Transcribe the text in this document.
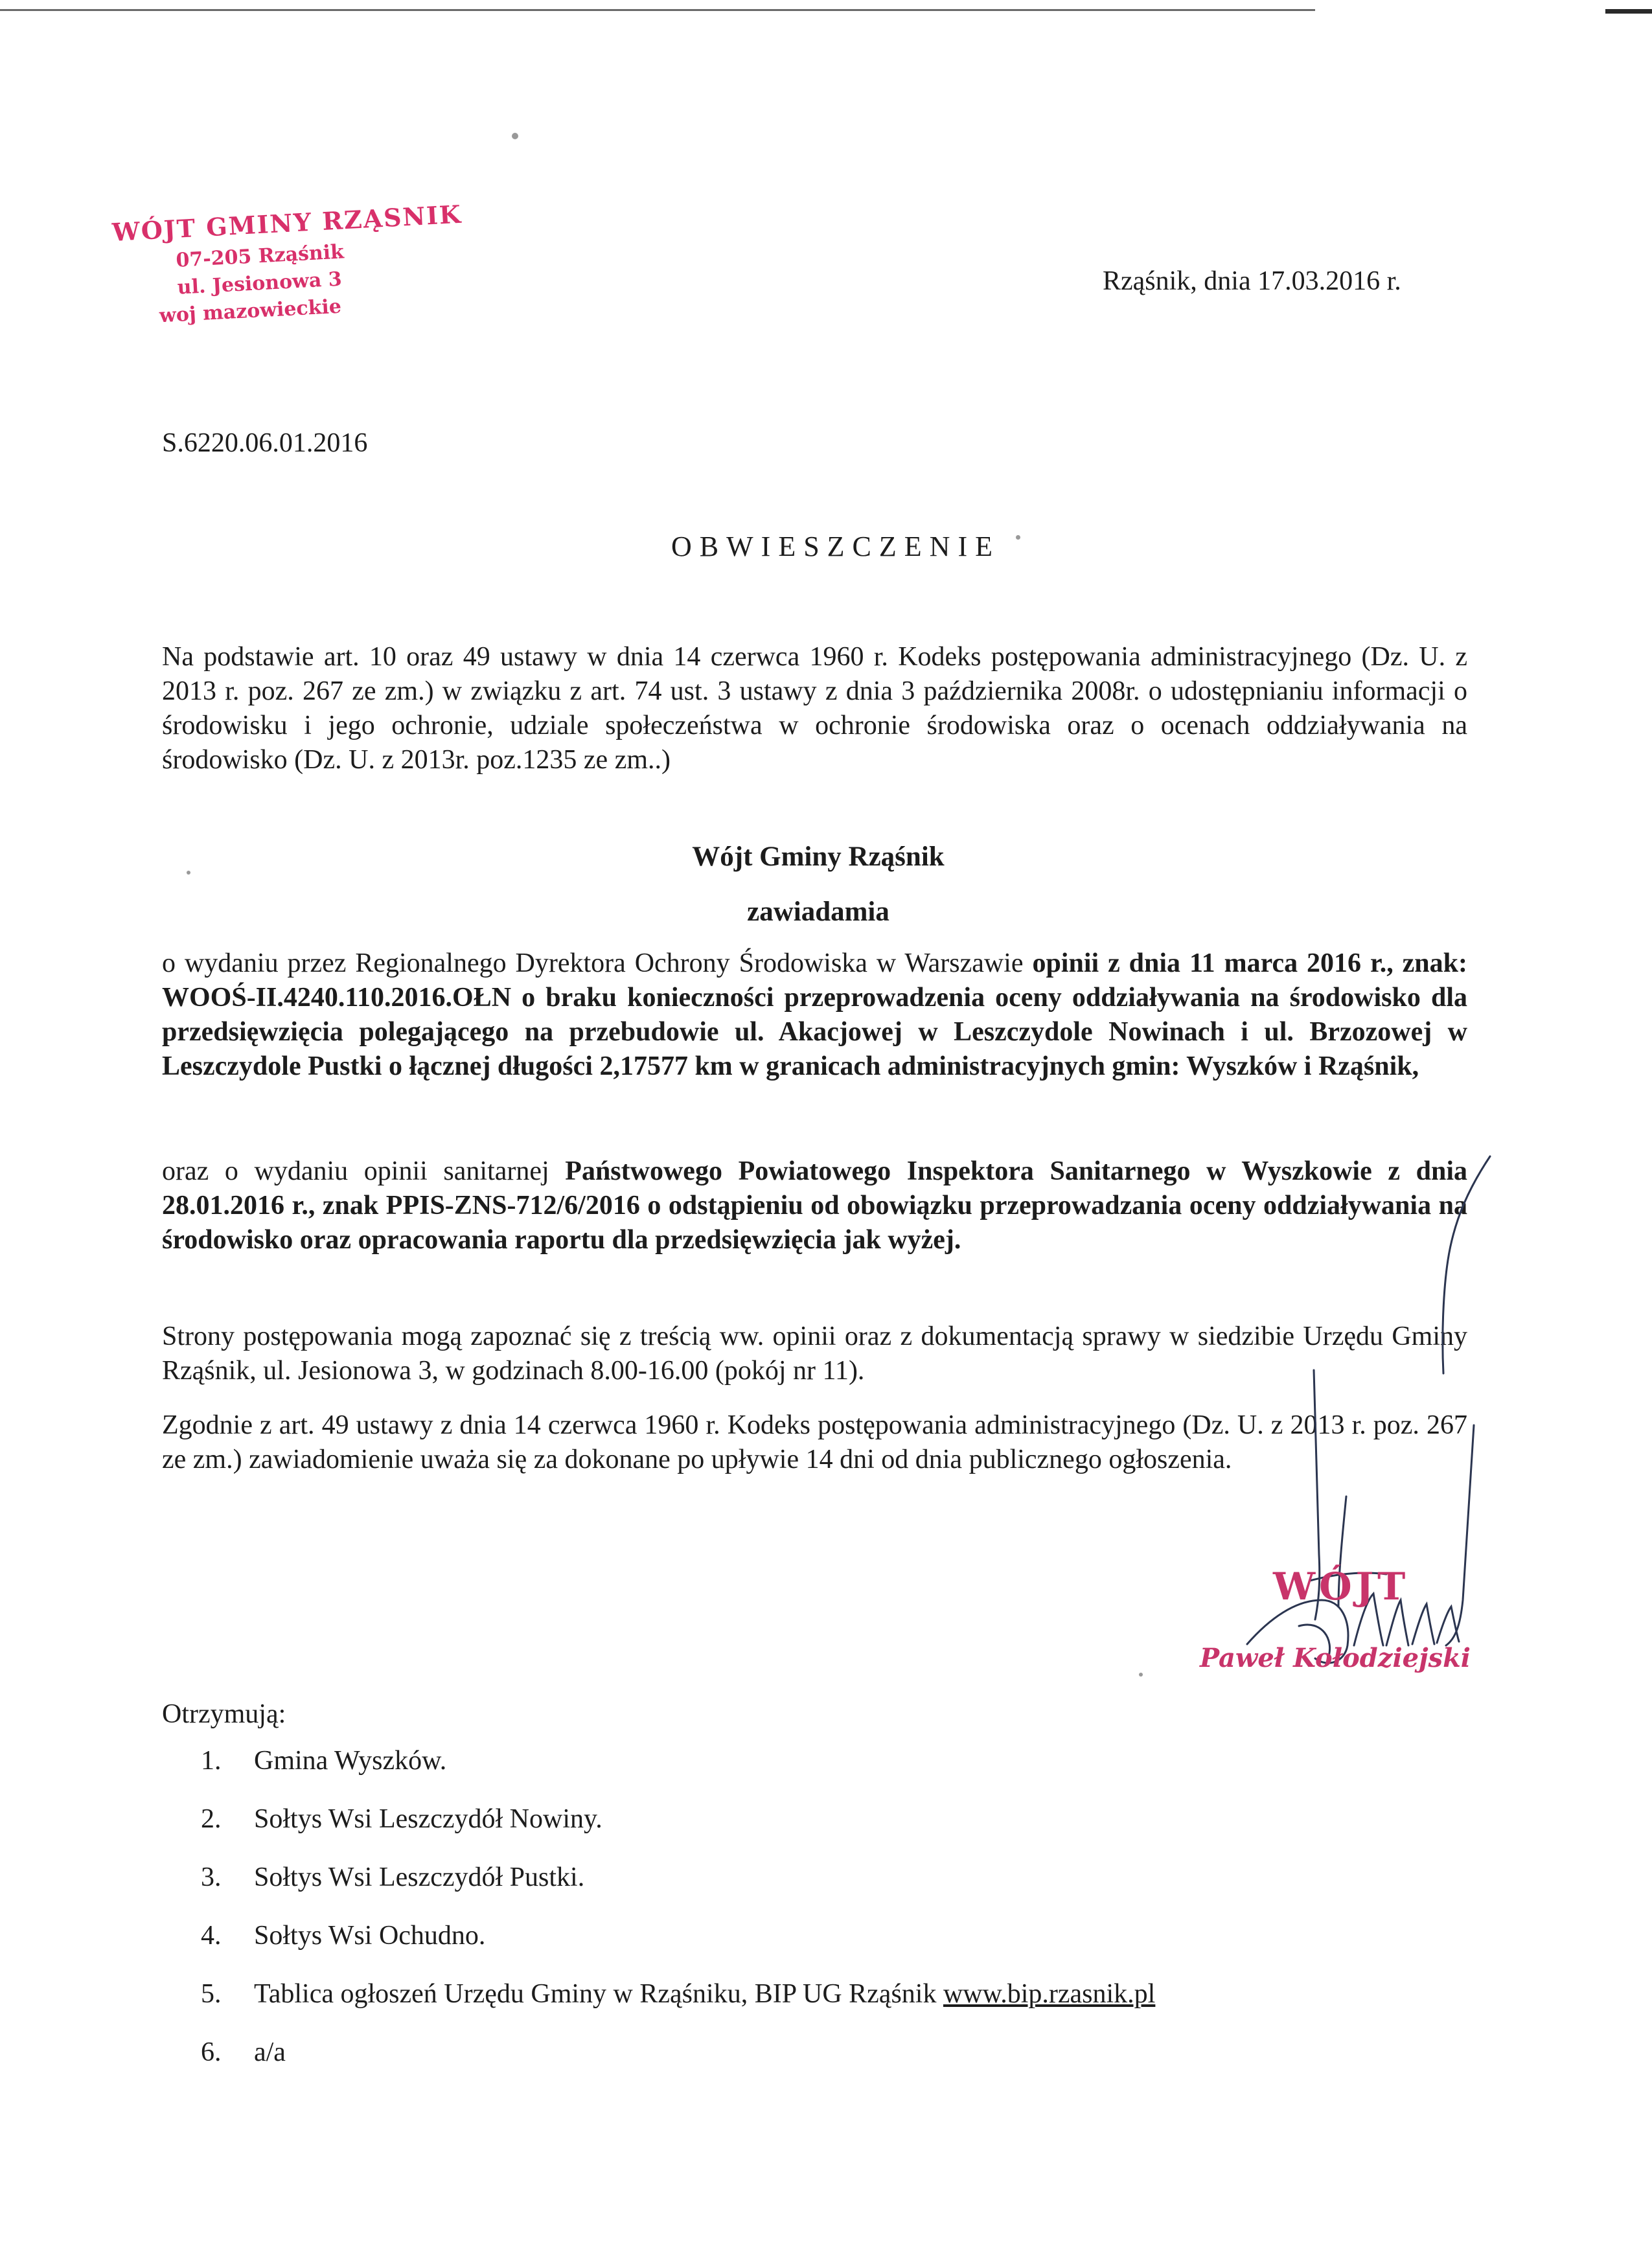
WÓJT GMINY RZĄSNIK
07-205 Rząśnik
ul. Jesionowa 3
woj mazowieckie
Rząśnik, dnia 17.03.2016 r.
S.6220.06.01.2016
OBWIESZCZENIE
Na podstawie art. 10 oraz 49 ustawy w dnia 14 czerwca 1960 r. Kodeks postępowania administracyjnego (Dz. U. z 2013 r. poz. 267 ze zm.) w związku z art. 74 ust. 3 ustawy z dnia 3 października 2008r. o udostępnianiu informacji o środowisku i jego ochronie, udziale społeczeństwa w ochronie środowiska oraz o ocenach oddziaływania na środowisko (Dz. U. z 2013r. poz.1235 ze zm..)
Wójt Gminy Rząśnik
zawiadamia
o wydaniu przez Regionalnego Dyrektora Ochrony Środowiska w Warszawie opinii z dnia 11 marca 2016 r., znak: WOOŚ-II.4240.110.2016.OŁN o braku konieczności przeprowadzenia oceny oddziaływania na środowisko dla przedsięwzięcia polegającego na przebudowie ul. Akacjowej w Leszczydole Nowinach i ul. Brzozowej w Leszczydole Pustki o łącznej długości 2,17577 km w granicach administracyjnych gmin: Wyszków i Rząśnik,
oraz o wydaniu opinii sanitarnej Państwowego Powiatowego Inspektora Sanitarnego w Wyszkowie z dnia 28.01.2016 r., znak PPIS-ZNS-712/6/2016 o odstąpieniu od obowiązku przeprowadzania oceny oddziaływania na środowisko oraz opracowania raportu dla przedsięwzięcia jak wyżej.
Strony postępowania mogą zapoznać się z treścią ww. opinii oraz z dokumentacją sprawy w siedzibie Urzędu Gminy Rząśnik, ul. Jesionowa 3, w godzinach 8.00-16.00 (pokój nr 11).
Zgodnie z art. 49 ustawy z dnia 14 czerwca 1960 r. Kodeks postępowania administracyjnego (Dz. U. z 2013 r. poz. 267 ze zm.) zawiadomienie uważa się za dokonane po upływie 14 dni od dnia publicznego ogłoszenia.
WÓJT
Paweł Kołodziejski
Otrzymują:
1. Gmina Wyszków.
2. Sołtys Wsi Leszczydół Nowiny.
3. Sołtys Wsi Leszczydół Pustki.
4. Sołtys Wsi Ochudno.
5. Tablica ogłoszeń Urzędu Gminy w Rząśniku, BIP UG Rząśnik www.bip.rzasnik.pl
6. a/a
